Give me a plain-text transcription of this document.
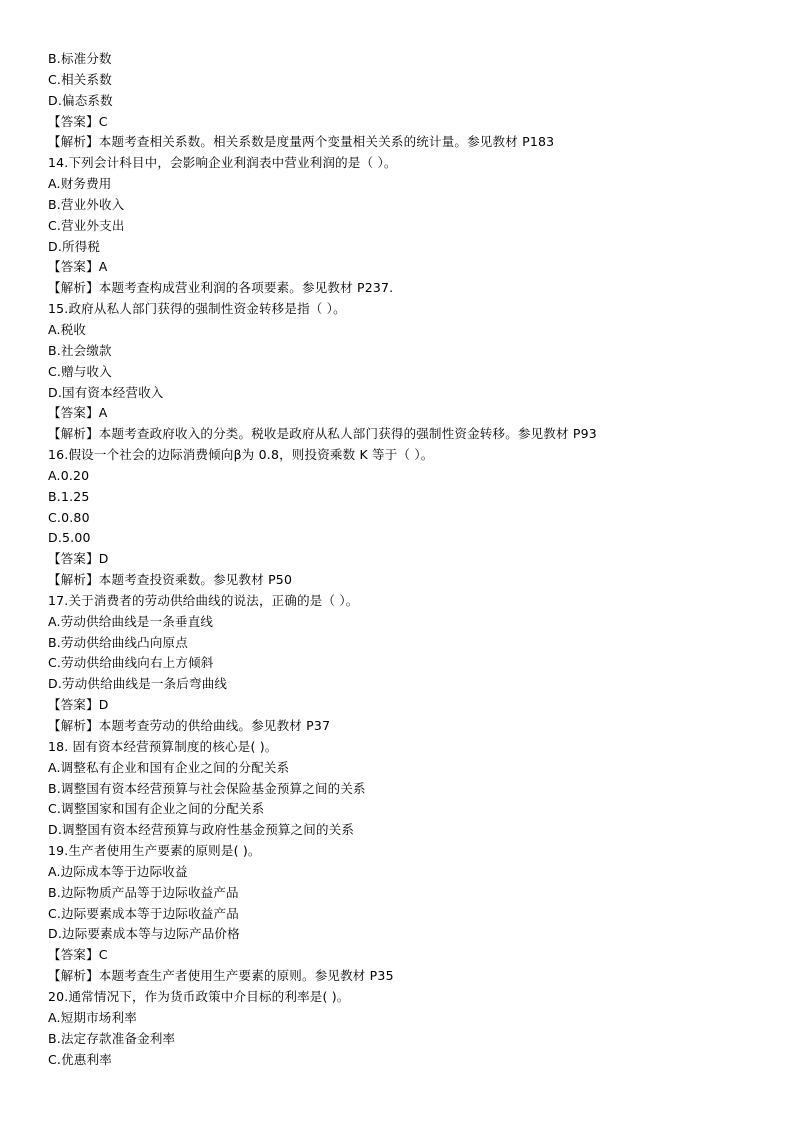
B.标准分数
C.相关系数
D.偏态系数
【答案】C
【解析】本题考查相关系数。相关系数是度量两个变量相关关系的统计量。参见教材 P183
14.下列会计科目中，会影响企业利润表中营业利润的是（ ）。
A.财务费用
B.营业外收入
C.营业外支出
D.所得税
【答案】A
【解析】本题考查构成营业利润的各项要素。参见教材 P237.
15.政府从私人部门获得的强制性资金转移是指（ ）。
A.税收
B.社会缴款
C.赠与收入
D.国有资本经营收入
【答案】A
【解析】本题考查政府收入的分类。税收是政府从私人部门获得的强制性资金转移。参见教材 P93
16.假设一个社会的边际消费倾向β为 0.8，则投资乘数 K 等于（ ）。
A.0.20
B.1.25
C.0.80
D.5.00
【答案】D
【解析】本题考查投资乘数。参见教材 P50
17.关于消费者的劳动供给曲线的说法，正确的是（ ）。
A.劳动供给曲线是一条垂直线
B.劳动供给曲线凸向原点
C.劳动供给曲线向右上方倾斜
D.劳动供给曲线是一条后弯曲线
【答案】D
【解析】本题考查劳动的供给曲线。参见教材 P37
18. 固有资本经营预算制度的核心是( )。
A.调整私有企业和国有企业之间的分配关系
B.调整国有资本经营预算与社会保险基金预算之间的关系
C.调整国家和国有企业之间的分配关系
D.调整国有资本经营预算与政府性基金预算之间的关系
19.生产者使用生产要素的原则是( )。
A.边际成本等于边际收益
B.边际物质产品等于边际收益产品
C.边际要素成本等于边际收益产品
D.边际要素成本等与边际产品价格
【答案】C
【解析】本题考查生产者使用生产要素的原则。参见教材 P35
20.通常情况下，作为货币政策中介目标的利率是( )。
A.短期市场利率
B.法定存款准备金利率
C.优惠利率
